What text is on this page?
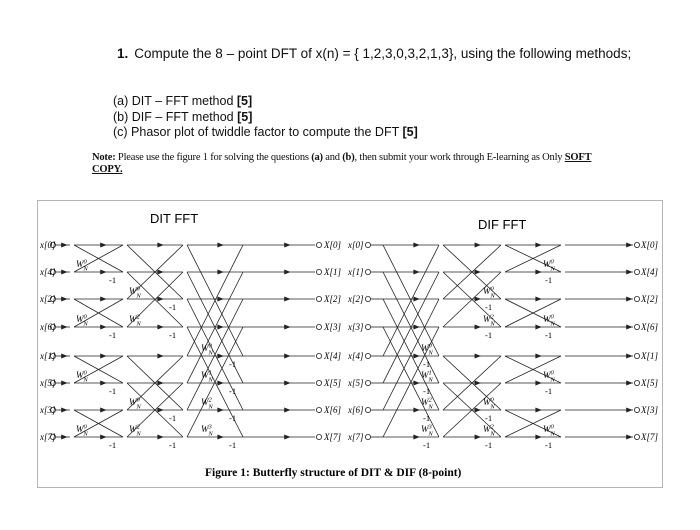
1. Compute the 8 – point DFT of x(n) = { 1,2,3,0,3,2,1,3}, using the following methods;
(a) DIT – FFT method [5]
(b) DIF – FFT method [5]
(c) Phasor plot of twiddle factor to compute the DFT [5]
Note: Please use the figure 1 for solving the questions (a) and (b), then submit your work through E-learning as Only SOFT COPY.
DIT FFT	DIF FFT
Figure 1: Butterfly structure of DIT & DIF (8-point)
x[0]
x[4]
x[2]
x[6]
x[1]
x[5]
x[3]
x[7]
$W^0$ N
-1
$W^0$ N
-1
$W^0$ N
-1
$W^0$ N
-1
$W^0$ N
-1
$W^2$ N
-1
$W^0$ N
-1
$W^2$ N
-1
$W^0$ N
-1
$W^1$ N
-1
$W^2$ N
-1
$W^3$ N
-1
X[0]
X[1]
X[2]
X[3]
X[4]
X[5]
X[6]
X[7]
x[0]
x[1]
x[2]
x[3]
x[4]
x[5]
x[6]
x[7]
$W^0$ N
-1
$W^1$ N
-1
$W^2$ N
-1
$W^3$ N
-1
$W^0$ N
-1
$W^2$ N
-1
$W^0$ N
-1
$W^2$ N
-1
$W^0$ N
-1
$W^0$ N
-1
$W^0$ N
-1
$W^0$ N
-1
X[0]
X[4]
X[2]
X[6]
X[1]
X[5]
X[3]
X[7]
